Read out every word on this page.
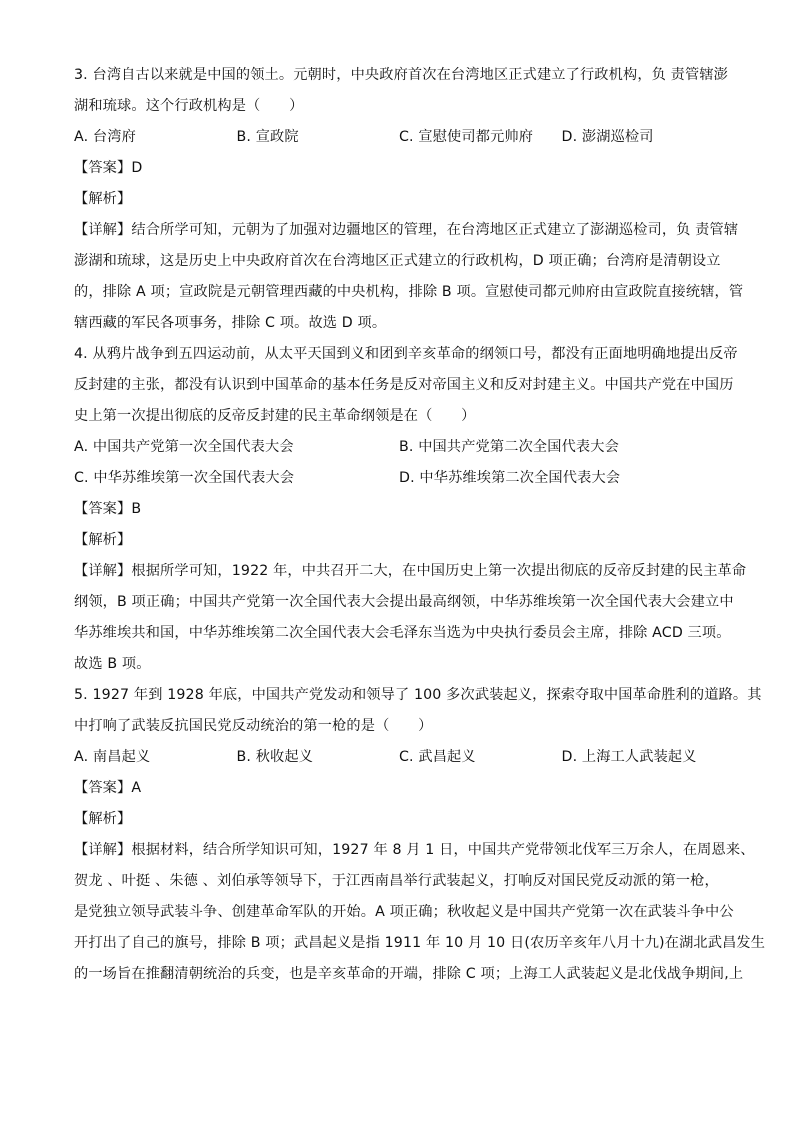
3. 台湾自古以来就是中国的领土。元朝时，中央政府首次在台湾地区正式建立了行政机构，负 责管辖澎
湖和琉球。这个行政机构是（　　）
A. 台湾府	B. 宣政院	C. 宣慰使司都元帅府	D. 澎湖巡检司
【答案】D
【解析】
【详解】结合所学可知，元朝为了加强对边疆地区的管理，在台湾地区正式建立了澎湖巡检司，负 责管辖
澎湖和琉球，这是历史上中央政府首次在台湾地区正式建立的行政机构，D 项正确；台湾府是清朝设立
的，排除 A 项；宣政院是元朝管理西藏的中央机构，排除 B 项。宣慰使司都元帅府由宣政院直接统辖，管
辖西藏的军民各项事务，排除 C 项。故选 D 项。
4. 从鸦片战争到五四运动前，从太平天国到义和团到辛亥革命的纲领口号，都没有正面地明确地提出反帝
反封建的主张，都没有认识到中国革命的基本任务是反对帝国主义和反对封建主义。中国共产党在中国历
史上第一次提出彻底的反帝反封建的民主革命纲领是在（　　）
A. 中国共产党第一次全国代表大会	B. 中国共产党第二次全国代表大会
C. 中华苏维埃第一次全国代表大会	D. 中华苏维埃第二次全国代表大会
【答案】B
【解析】
【详解】根据所学可知，1922 年，中共召开二大，在中国历史上第一次提出彻底的反帝反封建的民主革命
纲领，B 项正确；中国共产党第一次全国代表大会提出最高纲领，中华苏维埃第一次全国代表大会建立中
华苏维埃共和国，中华苏维埃第二次全国代表大会毛泽东当选为中央执行委员会主席，排除 ACD 三项。
故选 B 项。
5. 1927 年到 1928 年底，中国共产党发动和领导了 100 多次武装起义，探索夺取中国革命胜利的道路。其
中打响了武装反抗国民党反动统治的第一枪的是（　　）
A. 南昌起义	B. 秋收起义	C. 武昌起义	D. 上海工人武装起义
【答案】A
【解析】
【详解】根据材料，结合所学知识可知，1927 年 8 月 1 日，中国共产党带领北伐军三万余人，在周恩来、
贺龙 、叶挺 、朱德 、刘伯承等领导下，于江西南昌举行武装起义，打响反对国民党反动派的第一枪，
是党独立领导武装斗争、创建革命军队的开始。A 项正确；秋收起义是中国共产党第一次在武装斗争中公
开打出了自己的旗号，排除 B 项；武昌起义是指 1911 年 10 月 10 日(农历辛亥年八月十九)在湖北武昌发生
的一场旨在推翻清朝统治的兵变，也是辛亥革命的开端，排除 C 项；上海工人武装起义是北伐战争期间,上
